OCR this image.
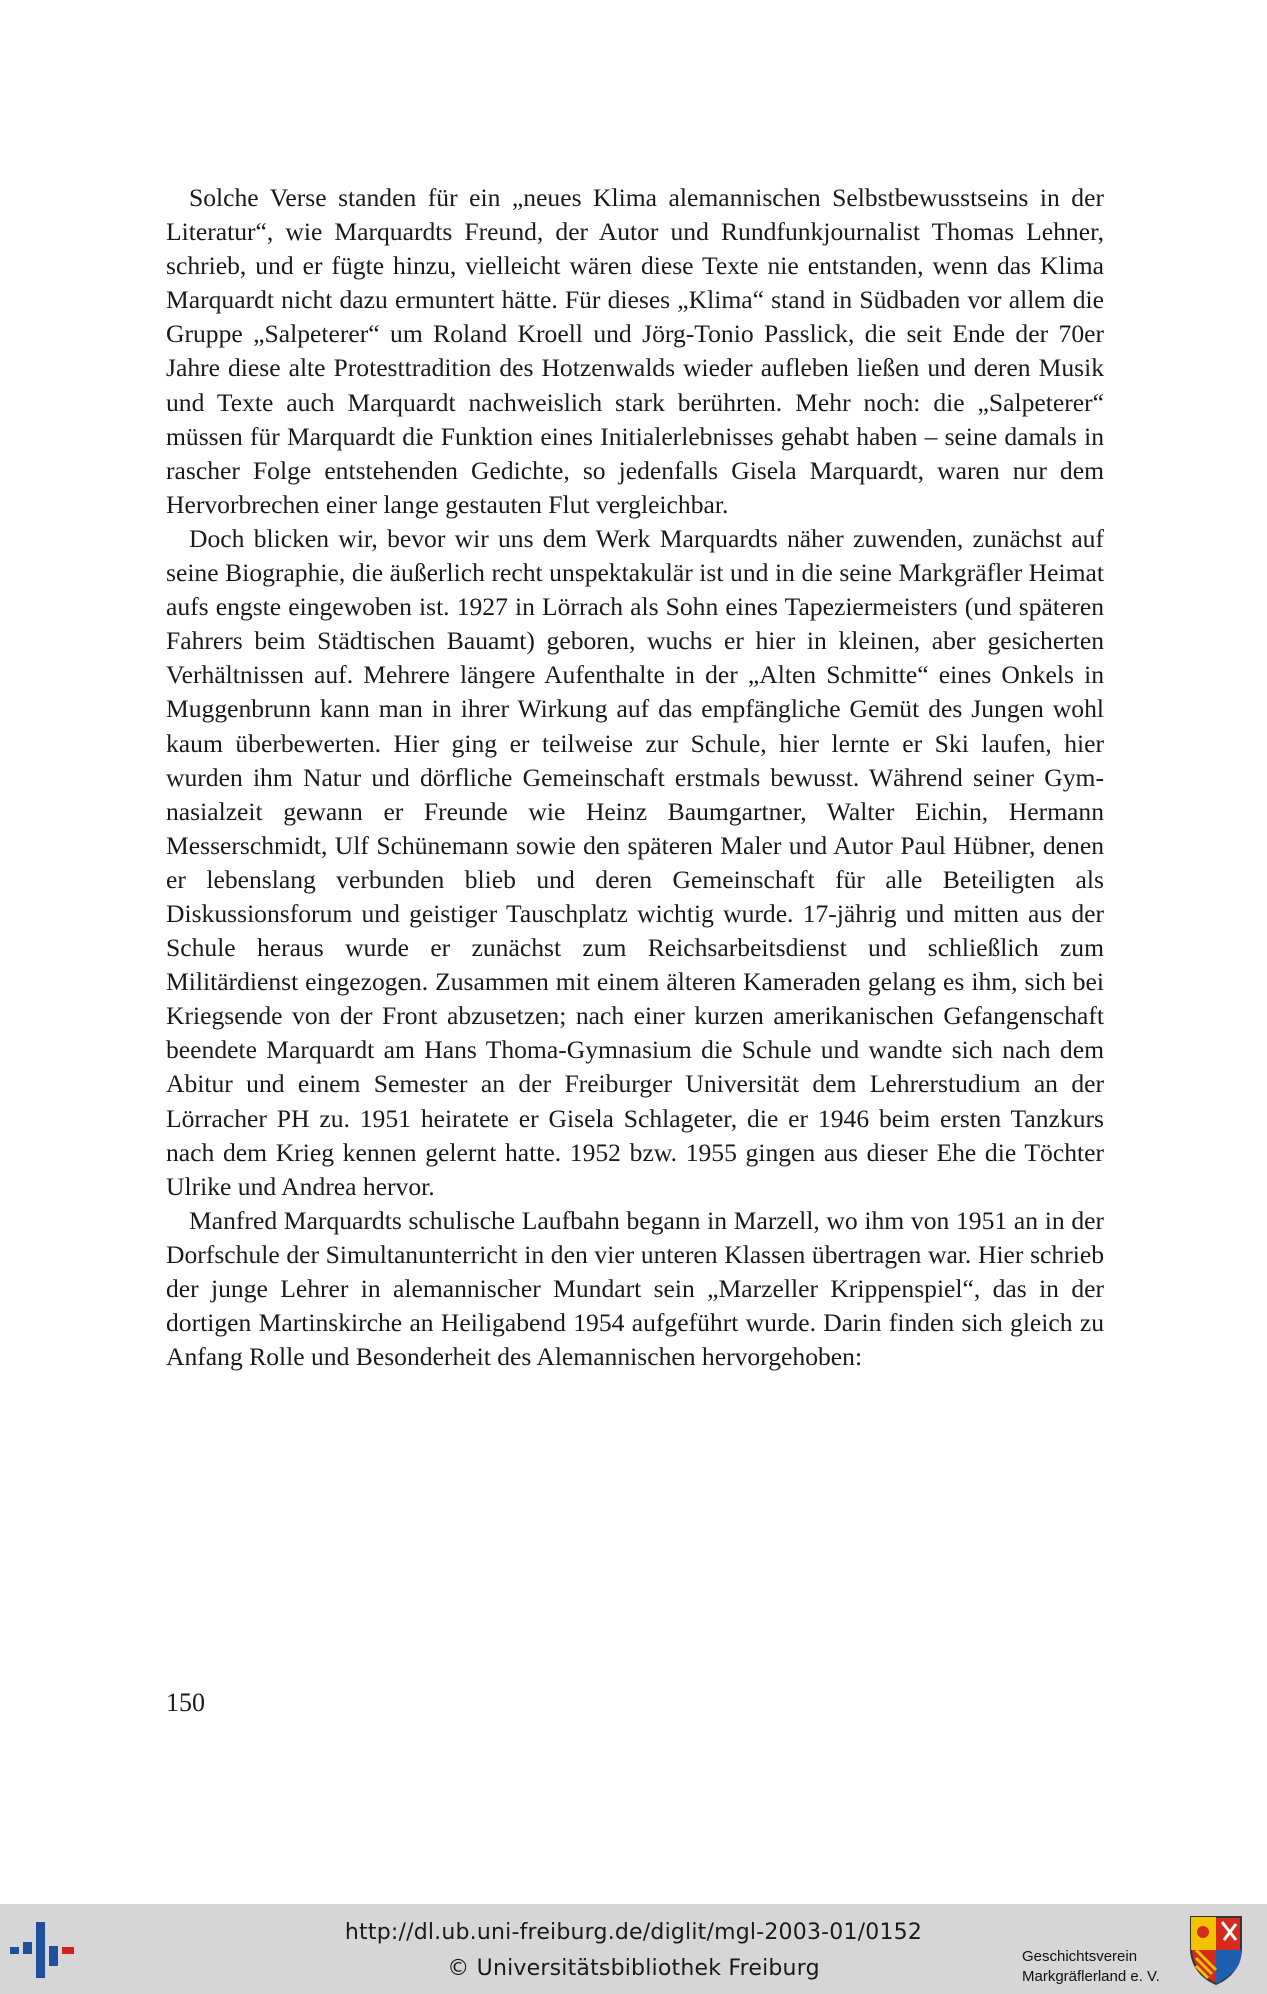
Solche Verse standen für ein „neues Klima alemannischen Selbstbewusstseins in der Literatur“, wie Marquardts Freund, der Autor und Rundfunkjournalist Thomas Lehner, schrieb, und er fügte hinzu, vielleicht wären diese Texte nie entstanden, wenn das Klima Marquardt nicht dazu ermuntert hätte. Für dieses „Klima“ stand in Südbaden vor allem die Gruppe „Salpeterer“ um Roland Kroell und Jörg-Tonio Passlick, die seit Ende der 70er Jahre diese alte Protesttradition des Hotzenwalds wieder aufleben ließen und deren Musik und Texte auch Marquardt nachweislich stark berührten. Mehr noch: die „Salpeterer“ müssen für Marquardt die Funktion eines Initialerlebnisses gehabt haben – seine damals in rascher Folge entstehenden Gedichte, so jedenfalls Gisela Marquardt, waren nur dem Hervorbrechen einer lange gestauten Flut vergleichbar.

Doch blicken wir, bevor wir uns dem Werk Marquardts näher zuwenden, zunächst auf seine Biographie, die äußerlich recht unspektakulär ist und in die seine Markgräfler Heimat aufs engste eingewoben ist. 1927 in Lörrach als Sohn eines Tapeziermeisters (und späteren Fahrers beim Städtischen Bauamt) geboren, wuchs er hier in kleinen, aber gesicherten Verhältnissen auf. Mehrere längere Aufenthalte in der „Alten Schmitte“ eines Onkels in Muggenbrunn kann man in ihrer Wirkung auf das empfängliche Gemüt des Jungen wohl kaum überbewerten. Hier ging er teilweise zur Schule, hier lernte er Ski laufen, hier wurden ihm Natur und dörfliche Gemeinschaft erstmals bewusst. Während seiner Gymnasialzeit gewann er Freunde wie Heinz Baumgartner, Walter Eichin, Hermann Messerschmidt, Ulf Schünemann sowie den späteren Maler und Autor Paul Hübner, denen er lebenslang verbunden blieb und deren Gemeinschaft für alle Beteiligten als Diskussionsforum und geistiger Tauschplatz wichtig wurde. 17-jährig und mitten aus der Schule heraus wurde er zunächst zum Reichsarbeitsdienst und schließlich zum Militärdienst eingezogen. Zusammen mit einem älteren Kameraden gelang es ihm, sich bei Kriegsende von der Front abzusetzen; nach einer kurzen amerikanischen Gefangenschaft beendete Marquardt am Hans Thoma-Gymnasium die Schule und wandte sich nach dem Abitur und einem Semester an der Freiburger Universität dem Lehrerstudium an der Lörracher PH zu. 1951 heiratete er Gisela Schlageter, die er 1946 beim ersten Tanzkurs nach dem Krieg kennen gelernt hatte. 1952 bzw. 1955 gingen aus dieser Ehe die Töchter Ulrike und Andrea hervor.

Manfred Marquardts schulische Laufbahn begann in Marzell, wo ihm von 1951 an in der Dorfschule der Simultanunterricht in den vier unteren Klassen übertragen war. Hier schrieb der junge Lehrer in alemannischer Mundart sein „Marzeller Krippenspiel“, das in der dortigen Martinskirche an Heiligabend 1954 aufgeführt wurde. Darin finden sich gleich zu Anfang Rolle und Besonderheit des Alemannischen hervorgehoben:

150
http://dl.ub.uni-freiburg.de/diglit/mgl-2003-01/0152
© Universitätsbibliothek Freiburg	Geschichtsverein
Markgräflerland e. V.
